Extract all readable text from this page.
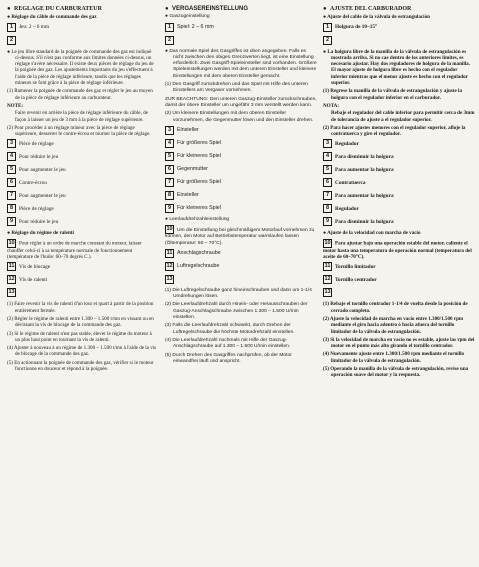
● REGLAGE DU CARBURATEUR
● Réglage du câble de commande des gaz
1	Jeu: 2 – 6 mm
2
● Le jeu libre standard de la poignée de commande des gaz est indiqué ci-dessus. S'il n'est pas conforme aux limites données ci-dessus, un réglage s'avère nécessaire. Il existe deux pièces de réglage du jeu de la poignée des gaz. Les ajustements importants du jeu s'effectuent à l'aide de la pièce de réglage inférieure, tandis que les réglages mineurs se font grâce à la pièce de réglage inférieure.
(1) Ramener la poignée de commande des gaz et régler le jeu au moyen de la pièce de réglage inférieure au carburateur.
NOTE:
Faire revenir en arrière la pièce de réglage inférieure du câble, de façon à laisser un jeu de 3 mm à la pièce de réglage supérieure.
(2) Pour procéder à un réglage mineur avec la pièce de réglage supérieure, desserrer le contre-écrou et tourner la pièce de réglage.
3	Pièce de réglage
4	Pour réduire le jeu
5	Pour augmenter le jeu
6	Contre-écrou
7	Pour augmenter le jeu
8	Pièce de réglage
9	Pour réduire le jeu
● Réglage du régime de ralenti
10 Pour régler à un ordre de marche constant du moteur, laisser chauffer celui-ci à sa température normale de fonctionnement (température de l'huile: 60–70 degrés C.).
11 Vis de blocage
12 Vis de ralenti
13
(1) Faire revenir la vis de ralenti d'un tour et quart à partir de la position entièrement fermée.
(2) Régler le régime de ralenti entre 1.300 – 1.500 t/mn en vissant ou en dévissant la vis de blocage de la commande des gaz.
(3) Si le régime de ralenti n'est pas stable, élever le régime du moteur à un plus haut point en tournant la vis de ralenti.
(4) Ajuster à nouveau à un régime de 1.300 – 1.500 t/mn à l'aide de la vis de blocage de la commande des gaz.
(5) En actionnant la poignée de commande des gaz, vérifier si le moteur fonctionne en douceur et répond à la poignée.
● VERGASEREINSTELLUNG
● Gaszugeinstellung
1	Spiel: 2 – 6 mm
2
● Das normale Spiel des Gasgriffes ist oben angegeben. Falls es nicht zwischen den obigen Grenzwerten liegt, ist eine Einstellung erforderlich. Zwei Gasgriff-Spieleinsteller sind vorhanden. Größere Spieleinstellungen werden mit dem unteren Einsteller und kleinere Einstellungen mit dem oberen Einsteller gemacht.
(1) Den Gasgriff zurückdrehen und das Spiel mit Hilfe des unteren Einstellers am Vergaser vornehmen.
ZUR BEACHTUNG: Den unteren Gaszug-Einsteller zurückschrauben, damit der obere Einsteller um ungefähr 3 mm verstellt werden kann.
(2) Um kleinere Einstellungen mit dem oberen Einsteller vorzunehmen, die Gegenmutter lösen und den Einsteller drehen.
3	Einsteller
4	Für größeres Spiel
5	Für kleineres Spiel
6	Gegenmutter
7	Für größeres Spiel
8	Einsteller
9	Für kleineres Spiel
● Leerlaufdrehzahleinstellung
10 Um die Einstellung bei gleichmäßigem Motorlauf vornehmen zu können, den Motor auf Betriebstemperatur warmlaufen lassen (Öltemperatur: 60 – 70°C).
11 Anschlagschraube
12 Luftregelschraube
13
(1) Die Luftregelschraube ganz hineinschrauben und dann um 1-1/4 Umdrehungen lösen.
(2) Die Leerlaufdrehzahl durch Hinein- oder Herausschrauben der Gaszug-Anschlagschraube zwischen 1.300 – 1.500 U/min einstellen.
(3) Falls die Leerlaufdrehzahl schwankt, durch Drehen der Luftregelschraube die höchste Motordrehzahl einstellen.
(4) Die Leerlaufdrehzahl nochmals mit Hilfe der Gaszug-Anschlagschraube auf 1.300 – 1.500 U/min einstellen.
(5) Durch Drehen des Gasgriffes nachprüfen, ob der Motor einwandfrei läuft und anspricht.
● AJUSTE DEL CARBURADOR
● Ajuste del cable de la válvula de estrangulación
1	Holgura de 10–15°
2
● La holgura libre de la manilla de la válvula de estrangulación es mostrada arriba. Si no cae dentro de los anteriores límites, es necesario ajustar. Hay dos reguladores de holgura de la manilla. El mayor ajuste de holgura libre es hecho con el regulador inferior mientras que el menor ajuste es hecho con el regulador superior.
(1) Regrese la manilla de la válvula de estrangulación y ajuste la holgura con el regulador inferior en el carburador.
NOTA:
Rebaje el regulador del cable inferior para permitir cerca de 3mm de tolerancia de ajuste a el regulador superior.
(2) Para hacer ajustes menores con el regulador superior, afloje la contratuerca y gire el regulador.
3	Regulador
4	Para disminuir la holgura
5	Para aumentar la holgura
6	Contratuerca
7	Para aumentar la holgura
8	Regulador
9	Para disminuir la holgura
● Ajuste de la velocidad con marcha de vacío
10 Para ajustar bajo una operación estable del motor, caliente el motor hasta una temperatura de operación normal (temperatura del aceite de 60–70°C).
11 Tornillo limitador
12 Tornillo centrador
13
(1) Rebaje el tornillo centrador 1-1/4 de vuelta desde la posición de cerrado completo.
(2) Ajuste la velocidad de marcha en vacío entre 1.300/1.500 rpm mediante el giro hacia adentro ó hacia afuera del tornillo limitador de la válvula de estrangulación.
(3) Si la velocidad de marcha en vacío no es estable, ajuste las rpm del motor en el punto más alto girando el tornillo centrador.
(4) Nuevamente ajuste entre 1.300/1.500 rpm mediante el tornillo limitador de la válvula de estrangulación.
(5) Operando la manilla de la válvula de estrangulación, revise una operación suave del motor y la respuesta.
